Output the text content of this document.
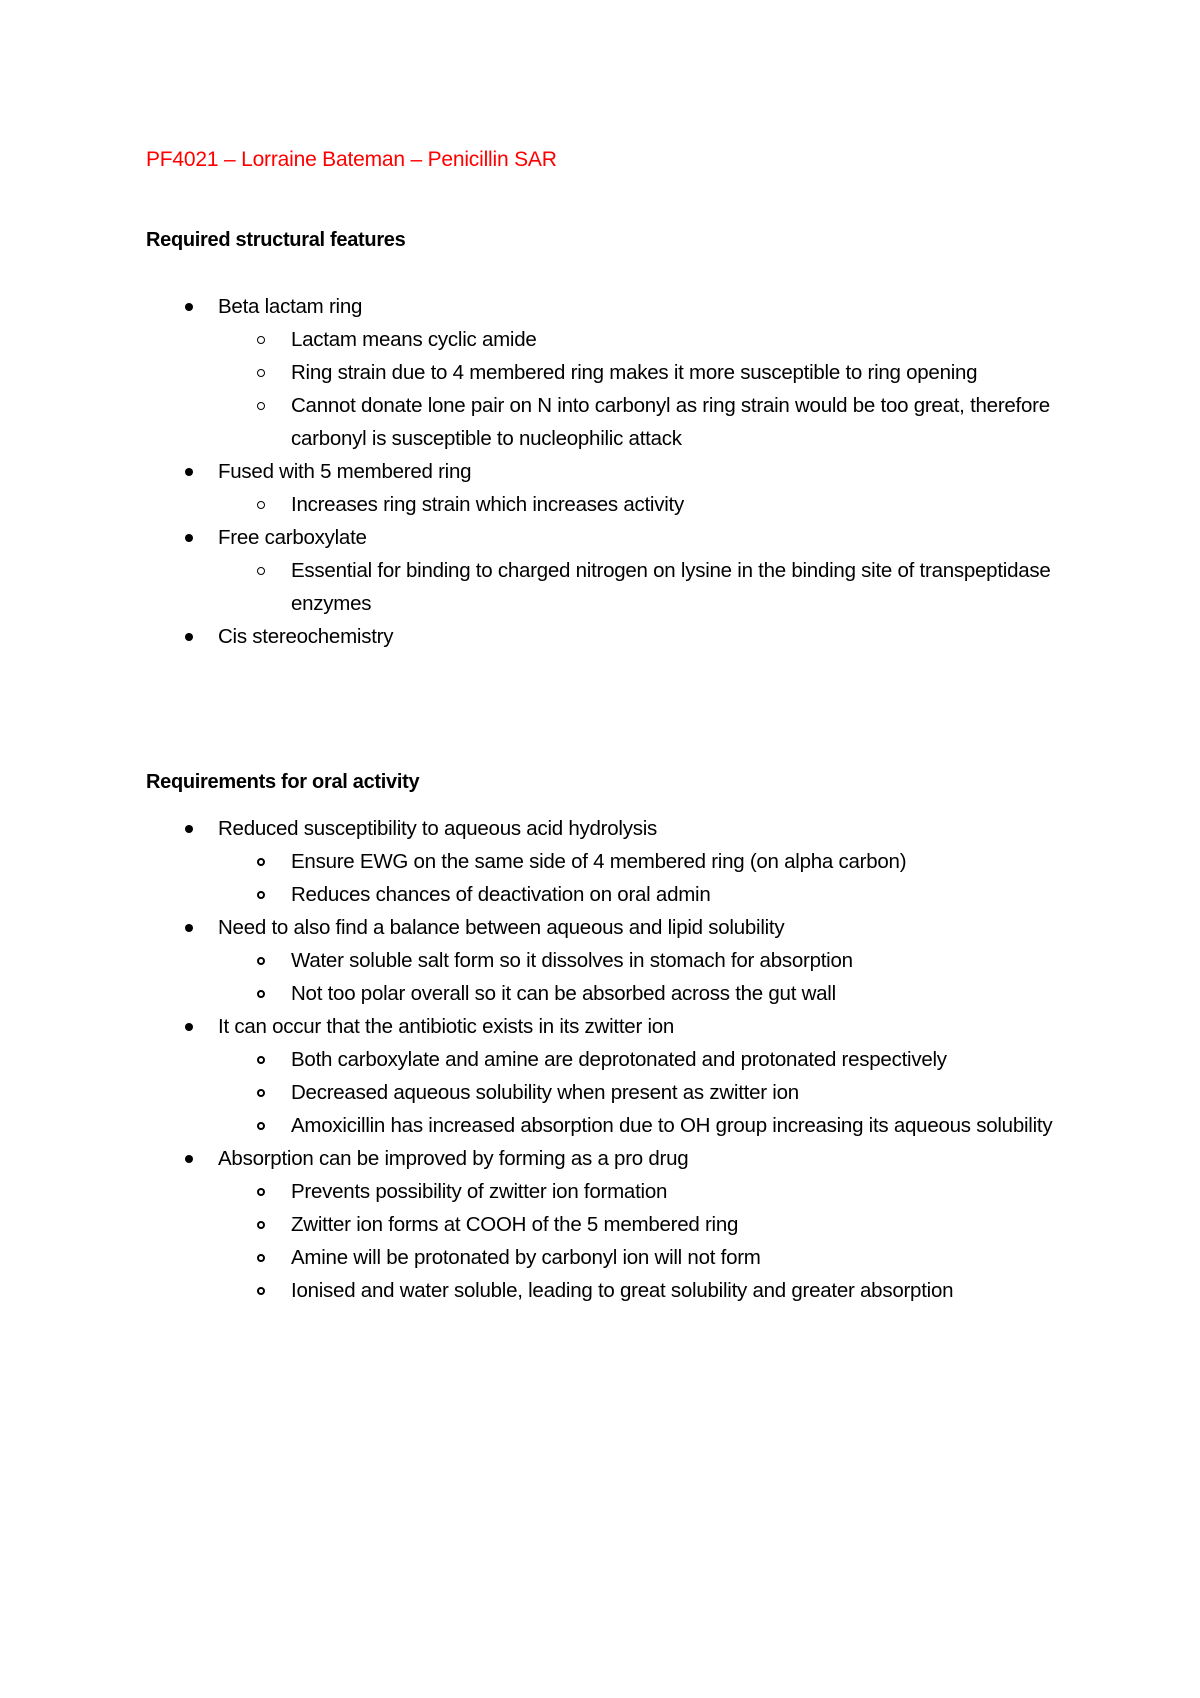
PF4021 – Lorraine Bateman – Penicillin SAR
Required structural features
Beta lactam ring
Lactam means cyclic amide
Ring strain due to 4 membered ring makes it more susceptible to ring opening
Cannot donate lone pair on N into carbonyl as ring strain would be too great, therefore carbonyl is susceptible to nucleophilic attack
Fused with 5 membered ring
Increases ring strain which increases activity
Free carboxylate
Essential for binding to charged nitrogen on lysine in the binding site of transpeptidase enzymes
Cis stereochemistry
Requirements for oral activity
Reduced susceptibility to aqueous acid hydrolysis
Ensure EWG on the same side of 4 membered ring (on alpha carbon)
Reduces chances of deactivation on oral admin
Need to also find a balance between aqueous and lipid solubility
Water soluble salt form so it dissolves in stomach for absorption
Not too polar overall so it can be absorbed across the gut wall
It can occur that the antibiotic exists in its zwitter ion
Both carboxylate and amine are deprotonated and protonated respectively
Decreased aqueous solubility when present as zwitter ion
Amoxicillin has increased absorption due to OH group increasing its aqueous solubility
Absorption can be improved by forming as a pro drug
Prevents possibility of zwitter ion formation
Zwitter ion forms at COOH of the 5 membered ring
Amine will be protonated by carbonyl ion will not form
Ionised and water soluble, leading to great solubility and greater absorption
